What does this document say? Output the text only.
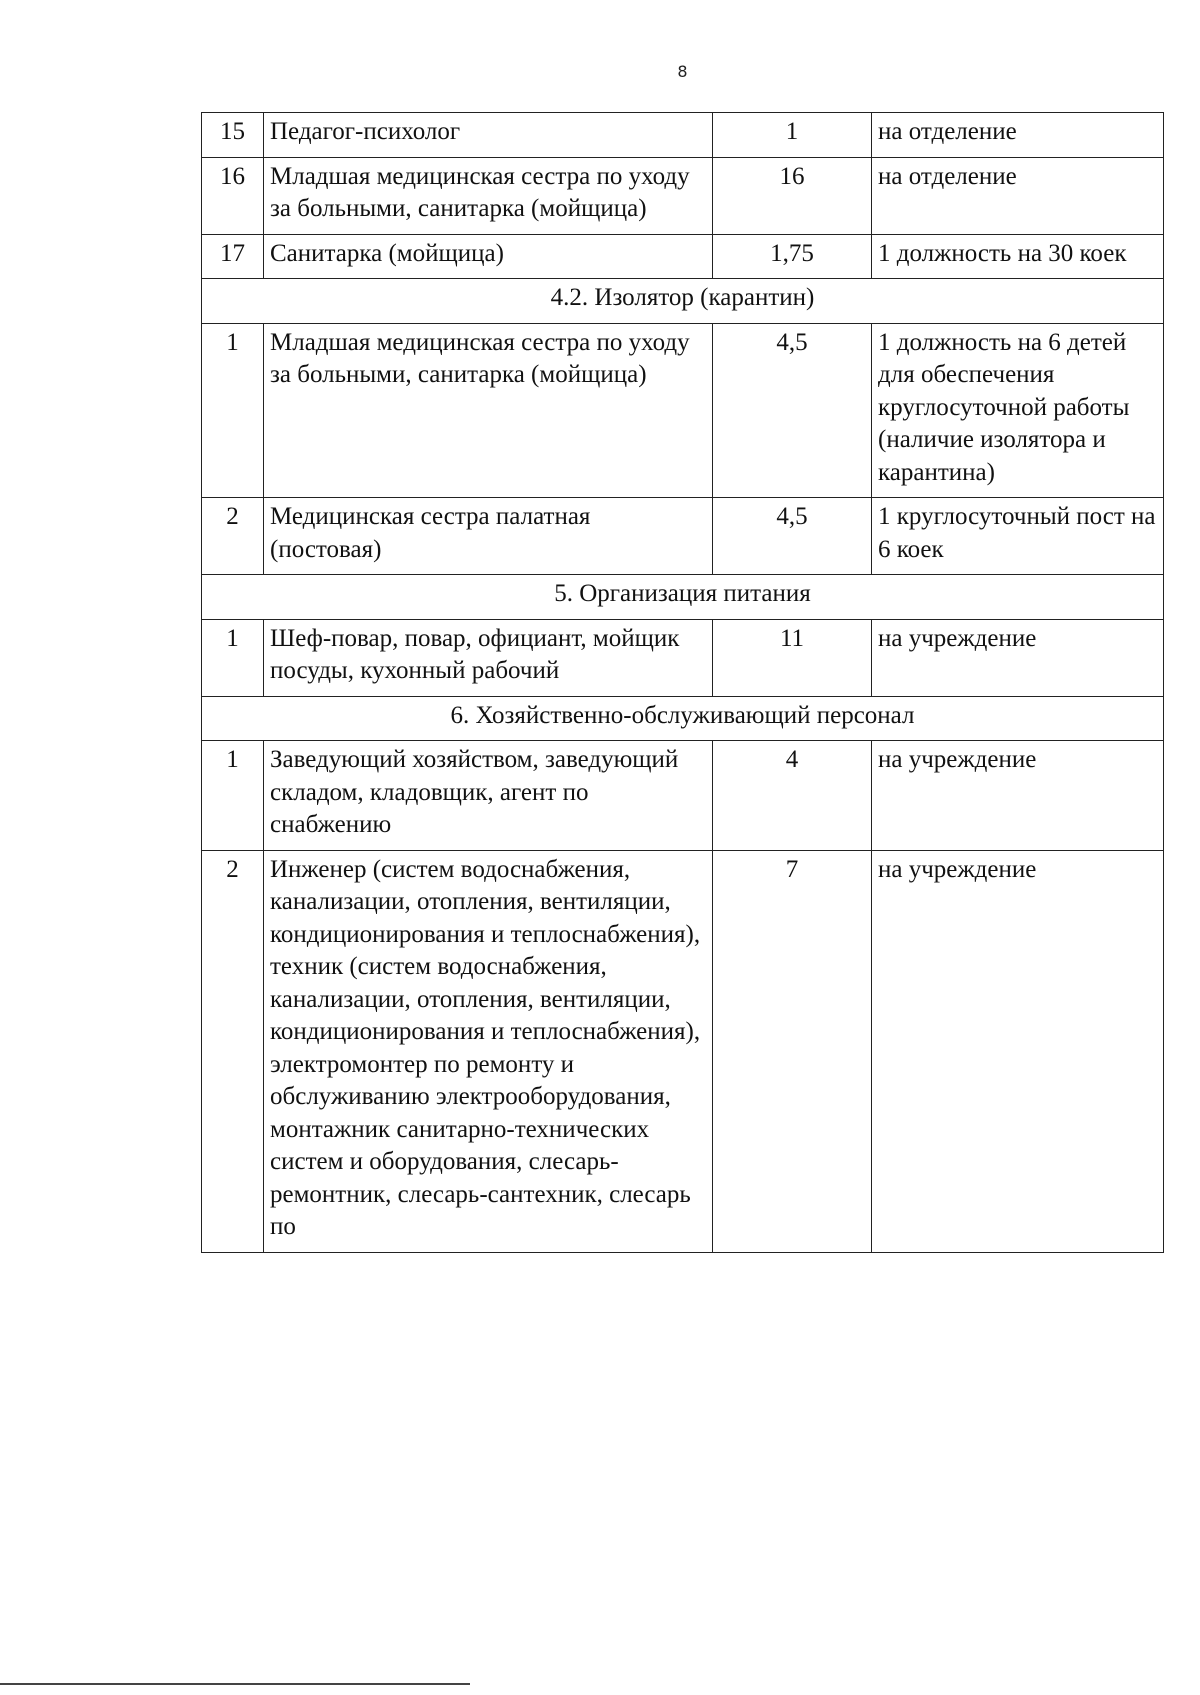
8
15	Педагог-психолог	1	на отделение
16	Младшая медицинская сестра по уходу за больными, санитарка (мойщица)	16	на отделение
17	Санитарка (мойщица)	1,75	1 должность на 30 коек
4.2. Изолятор (карантин)			
1	Младшая медицинская сестра по уходу за больными, санитарка (мойщица)	4,5	1 должность на 6 детей для обеспечения круглосуточной работы (наличие изолятора и карантина)
2	Медицинская сестра палатная (постовая)	4,5	1 круглосуточный пост на 6 коек
5. Организация питания			
1	Шеф-повар, повар, официант, мойщик посуды, кухонный рабочий	11	на учреждение
6. Хозяйственно-обслуживающий персонал			
1	Заведующий хозяйством, заведующий складом, кладовщик, агент по снабжению	4	на учреждение
2	Инженер (систем водоснабжения, канализации, отопления, вентиляции, кондиционирования и теплоснабжения), техник (систем водоснабжения, канализации, отопления, вентиляции, кондиционирования и теплоснабжения), электромонтер по ремонту и обслуживанию электрооборудования, монтажник санитарно-технических систем и оборудования, слесарь-ремонтник, слесарь-сантехник, слесарь по	7	на учреждение
